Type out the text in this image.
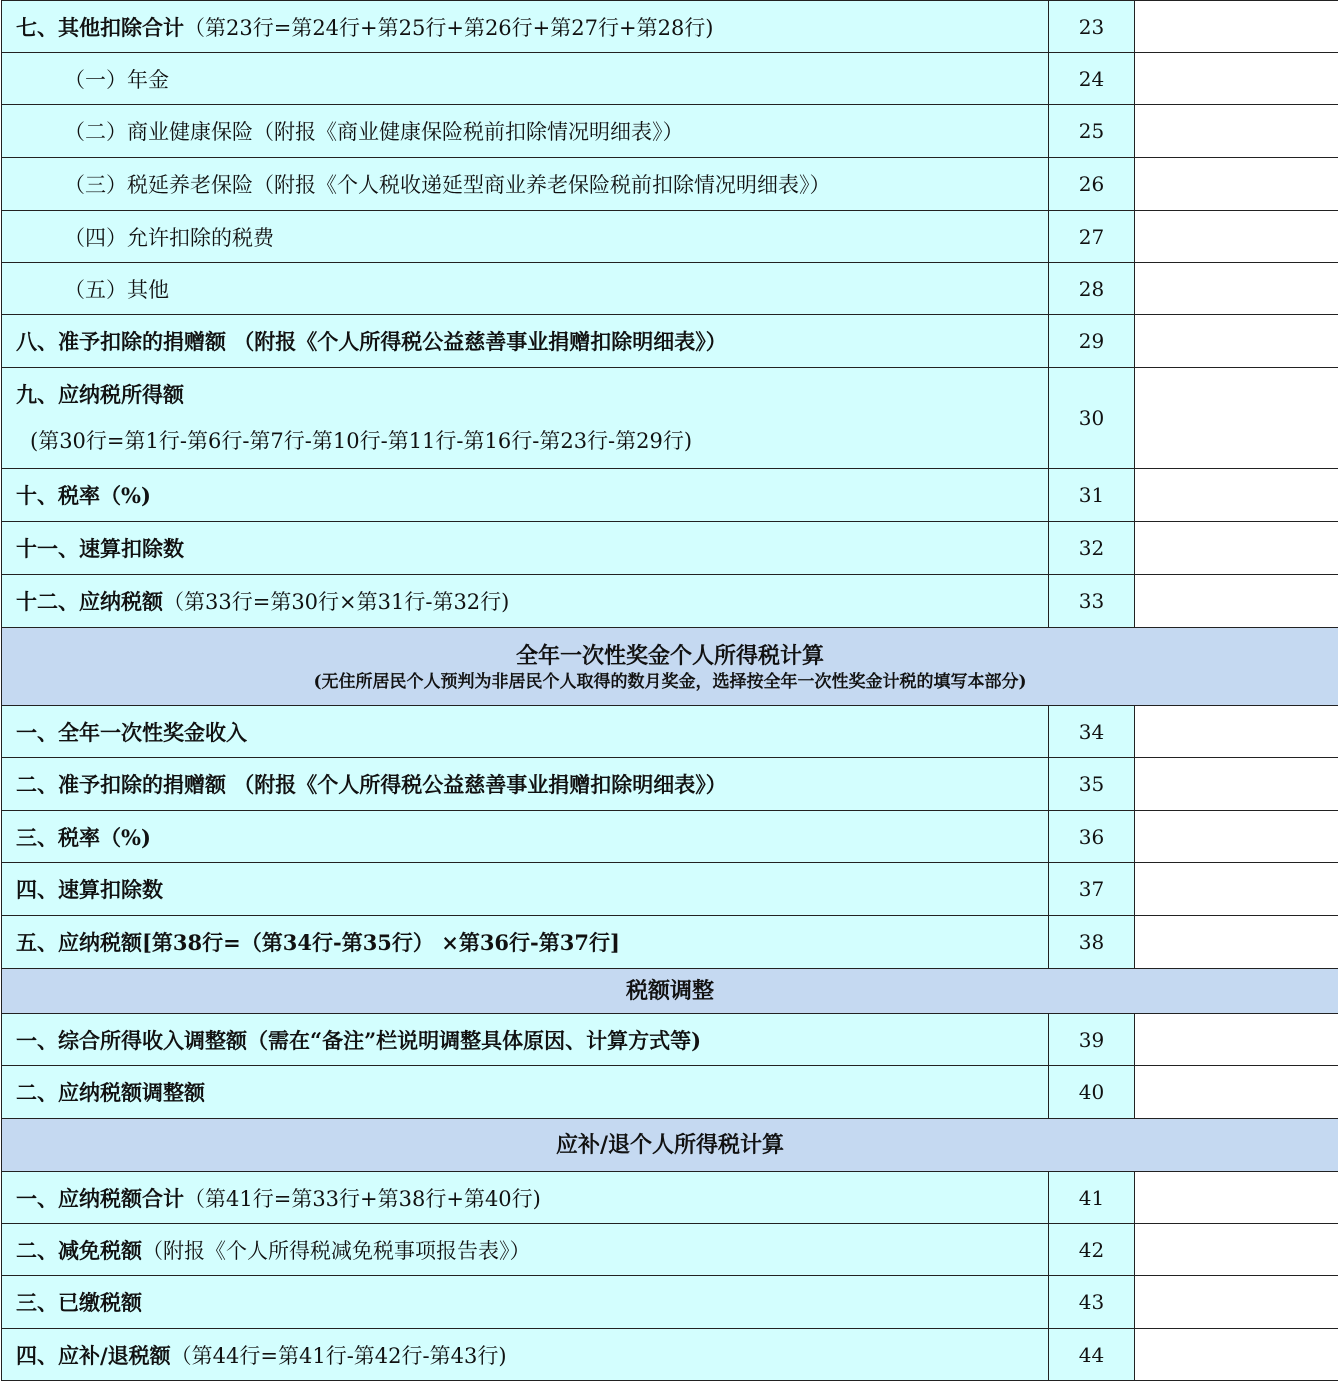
七、其他扣除合计（第23行=第24行+第25行+第26行+第27行+第28行)	23	
（一）年金	24	
（二）商业健康保险（附报《商业健康保险税前扣除情况明细表》）	25	
（三）税延养老保险（附报《个人税收递延型商业养老保险税前扣除情况明细表》）	26	
（四）允许扣除的税费	27	
（五）其他	28	
八、准予扣除的捐赠额 （附报《个人所得税公益慈善事业捐赠扣除明细表》）	29	

九、应纳税所得额
(第30行=第1行-第6行-第7行-第10行-第11行-第16行-第23行-第29行)	30	
十、税率（%)	31	
十一、速算扣除数	32	
十二、应纳税额（第33行=第30行×第31行-第32行)	33	

全年一次性奖金个人所得税计算
(无住所居民个人预判为非居民个人取得的数月奖金，选择按全年一次性奖金计税的填写本部分)		

一、全年一次性奖金收入	34	
二、准予扣除的捐赠额 （附报《个人所得税公益慈善事业捐赠扣除明细表》）	35	
三、税率（%)	36	
四、速算扣除数	37	
五、应纳税额[第38行=（第34行-第35行） ×第36行-第37行]	38	

税额调整		

一、综合所得收入调整额（需在“备注”栏说明调整具体原因、计算方式等)	39	
二、应纳税额调整额	40	

应补/退个人所得税计算		

一、应纳税额合计（第41行=第33行+第38行+第40行)	41	
二、减免税额（附报《个人所得税减免税事项报告表》）	42	
三、已缴税额	43	
四、应补/退税额（第44行=第41行-第42行-第43行)	44	
